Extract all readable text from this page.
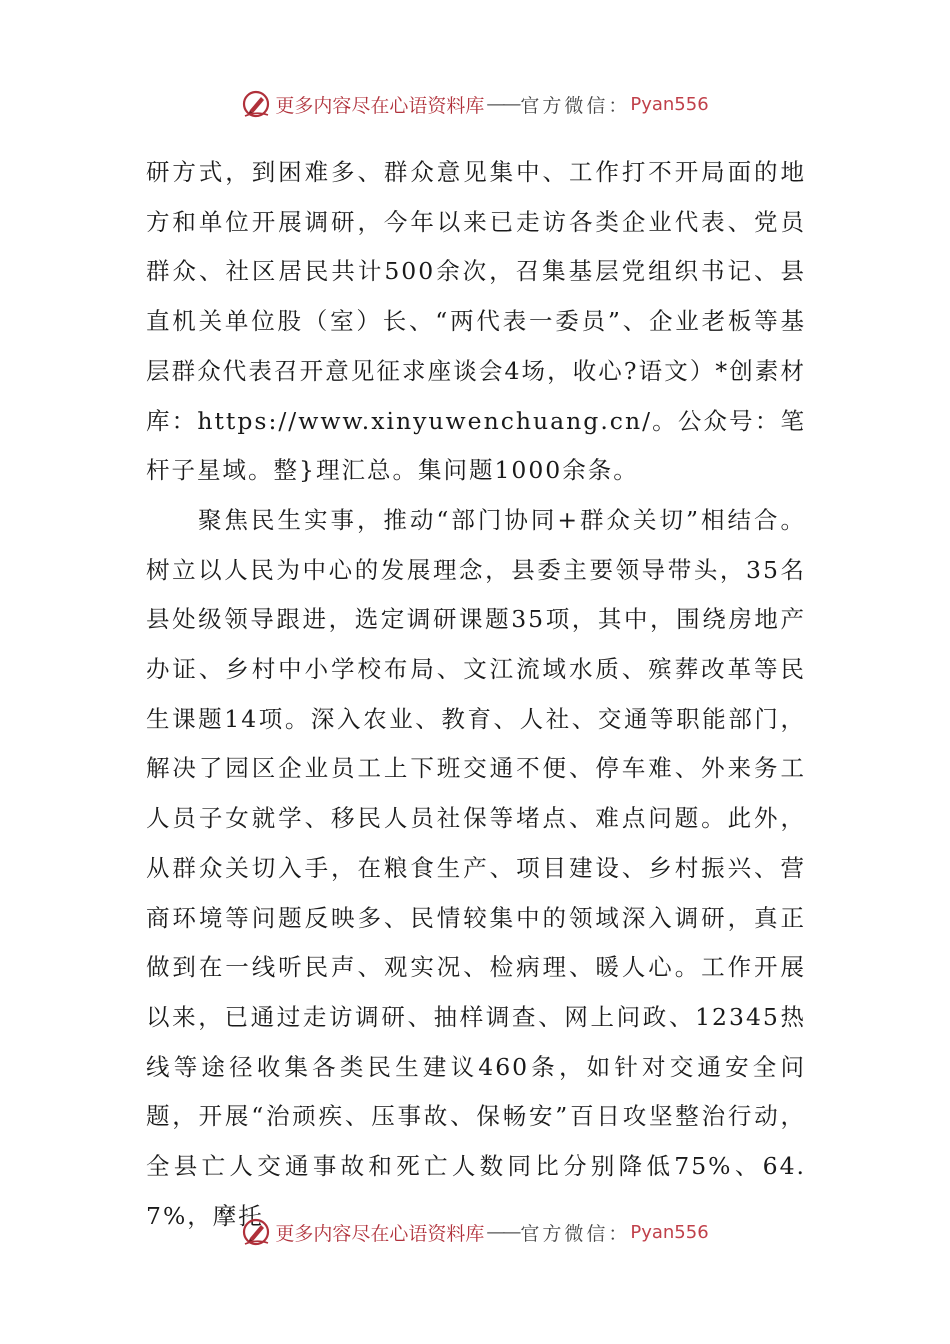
更多内容尽在心语资料库 —— 官方微信： Pyan556

研方式，到困难多、群众意见集中、工作打不开局面的地方和单位开展调研，今年以来已走访各类企业代表、党员群众、社区居民共计500余次，召集基层党组织书记、县直机关单位股（室）长、“两代表一委员”、企业老板等基层群众代表召开意见征求座谈会4场，收心?语文）*创素材库：https://www.xinyuwenchuang.cn/。公众号：笔杆子星域。整}理汇总。集问题1000余条。

聚焦民生实事，推动“部门协同+群众关切”相结合。树立以人民为中心的发展理念，县委主要领导带头，35名县处级领导跟进，选定调研课题35项，其中，围绕房地产办证、乡村中小学校布局、文江流域水质、殡葬改革等民生课题14项。深入农业、教育、人社、交通等职能部门，解决了园区企业员工上下班交通不便、停车难、外来务工人员子女就学、移民人员社保等堵点、难点问题。此外，从群众关切入手，在粮食生产、项目建设、乡村振兴、营商环境等问题反映多、民情较集中的领域深入调研，真正做到在一线听民声、观实况、检病理、暖人心。工作开展以来，已通过走访调研、抽样调查、网上问政、12345热线等途径收集各类民生建议460条，如针对交通安全问题，开展“治顽疾、压事故、保畅安”百日攻坚整治行动，全县亡人交通事故和死亡人数同比分别降低75%、64.7%，摩托

更多内容尽在心语资料库 —— 官方微信： Pyan556
